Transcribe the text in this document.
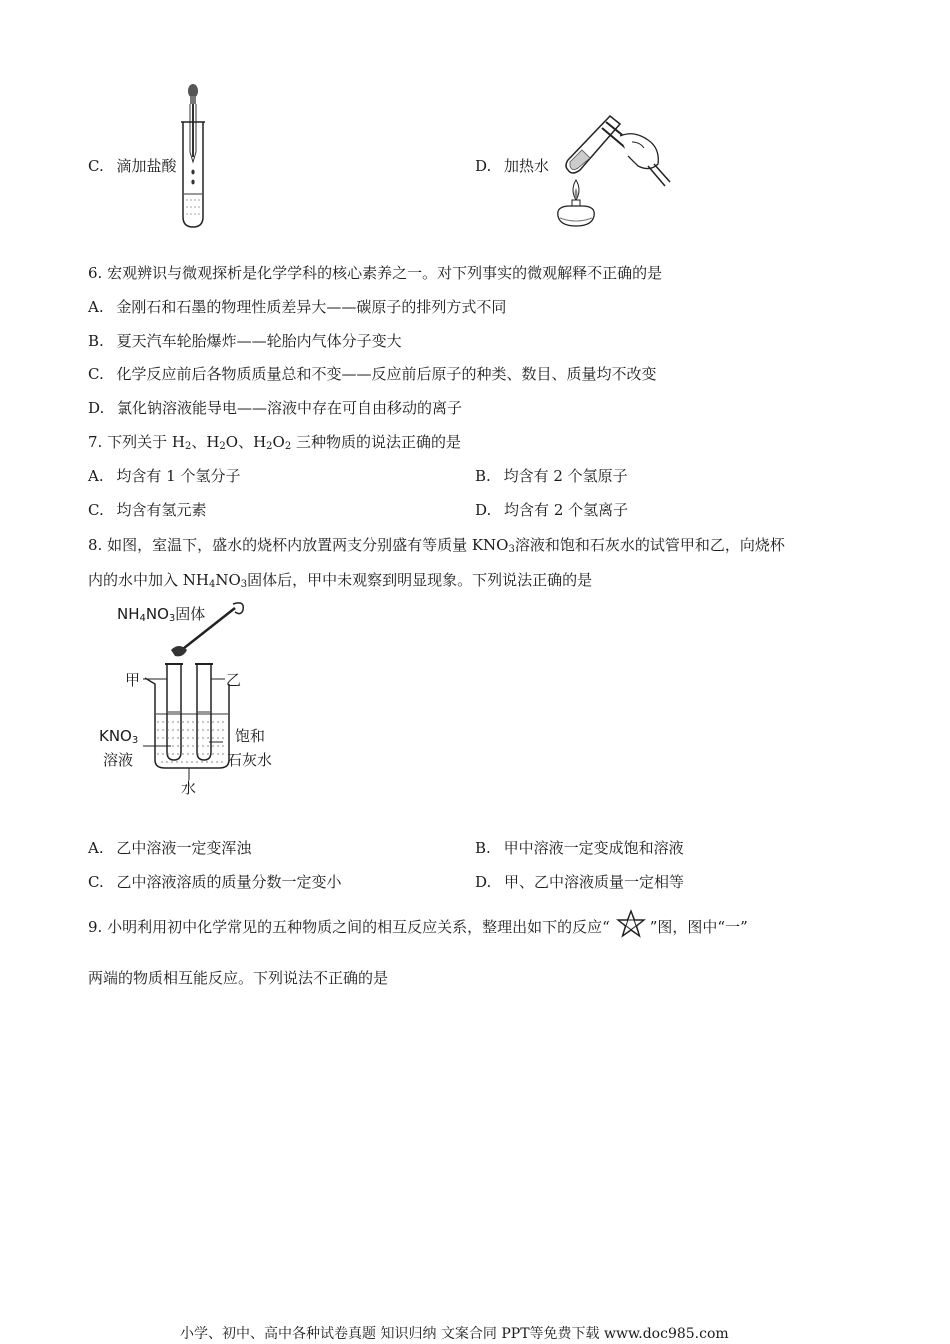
C. 滴加盐酸	D. 加热水
6. 宏观辨识与微观探析是化学学科的核心素养之一。对下列事实的微观解释不正确的是
A. 金刚石和石墨的物理性质差异大——碳原子的排列方式不同
B. 夏天汽车轮胎爆炸——轮胎内气体分子变大
C. 化学反应前后各物质质量总和不变——反应前后原子的种类、数目、质量均不改变
D. 氯化钠溶液能导电——溶液中存在可自由移动的离子
7. 下列关于 $H_2$、$H_2O$、$H_2O_2$ 三种物质的说法正确的是
A. 均含有 1 个氢分子	B. 均含有 2 个氢原子
C. 均含有氢元素	D. 均含有 2 个氢离子
8. 如图，室温下，盛水的烧杯内放置两支分别盛有等质量 $KNO_3$溶液和饱和石灰水的试管甲和乙，向烧杯
内的水中加入 $NH_4NO_3$固体后，甲中未观察到明显现象。下列说法正确的是
$NH_4NO_3$固体
甲	乙
$KNO_3$
溶液
饱和
石灰水
水
A. 乙中溶液一定变浑浊	B. 甲中溶液一定变成饱和溶液
C. 乙中溶液溶质的质量分数一定变小	D. 甲、乙中溶液质量一定相等
9. 小明利用初中化学常见的五种物质之间的相互反应关系，整理出如下的反应“	”图，图中“一”
两端的物质相互能反应。下列说法不正确的是
小学、初中、高中各种试卷真题 知识归纳 文案合同 PPT等免费下载 www.doc985.com
